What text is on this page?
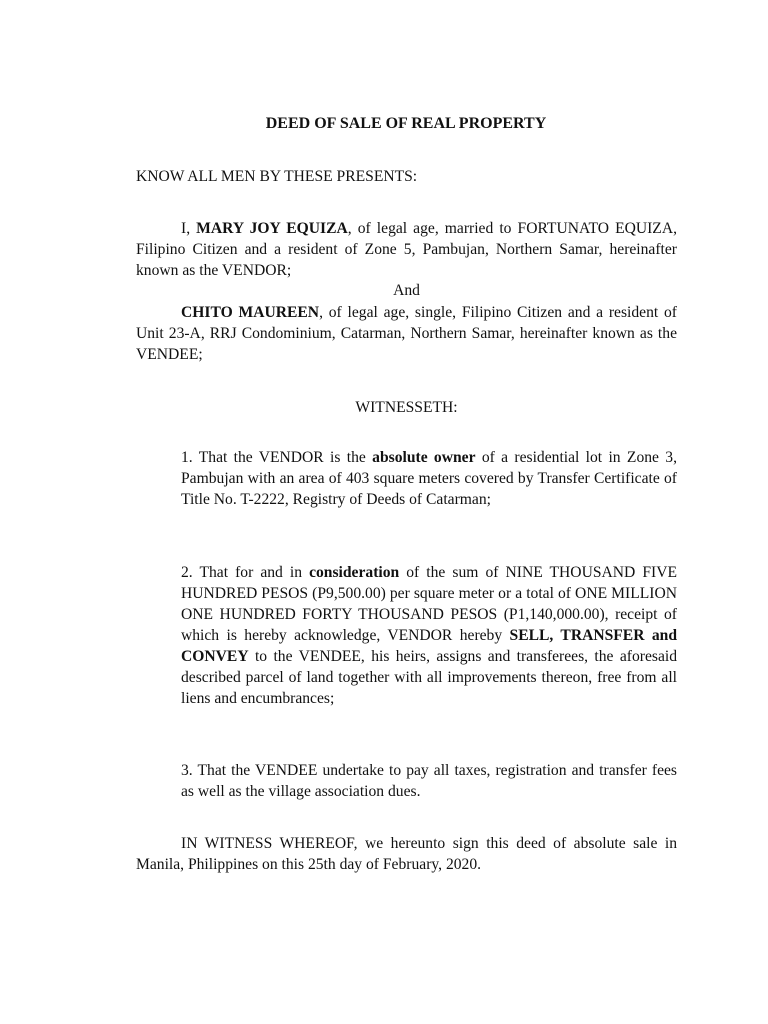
DEED OF SALE OF REAL PROPERTY

KNOW ALL MEN BY THESE PRESENTS:

I, MARY JOY EQUIZA, of legal age, married to FORTUNATO EQUIZA, Filipino Citizen and a resident of Zone 5, Pambujan, Northern Samar, hereinafter known as the VENDOR;

And

CHITO MAUREEN, of legal age, single, Filipino Citizen and a resident of Unit 23-A, RRJ Condominium, Catarman, Northern Samar, hereinafter known as the VENDEE;

WITNESSETH:

1. That the VENDOR is the absolute owner of a residential lot in Zone 3, Pambujan with an area of 403 square meters covered by Transfer Certificate of Title No. T-2222, Registry of Deeds of Catarman;

2. That for and in consideration of the sum of NINE THOUSAND FIVE HUNDRED PESOS (P9,500.00) per square meter or a total of ONE MILLION ONE HUNDRED FORTY THOUSAND PESOS (P1,140,000.00), receipt of which is hereby acknowledge, VENDOR hereby SELL, TRANSFER and CONVEY to the VENDEE, his heirs, assigns and transferees, the aforesaid described parcel of land together with all improvements thereon, free from all liens and encumbrances;

3. That the VENDEE undertake to pay all taxes, registration and transfer fees as well as the village association dues.

IN WITNESS WHEREOF, we hereunto sign this deed of absolute sale in Manila, Philippines on this 25th day of February, 2020.
